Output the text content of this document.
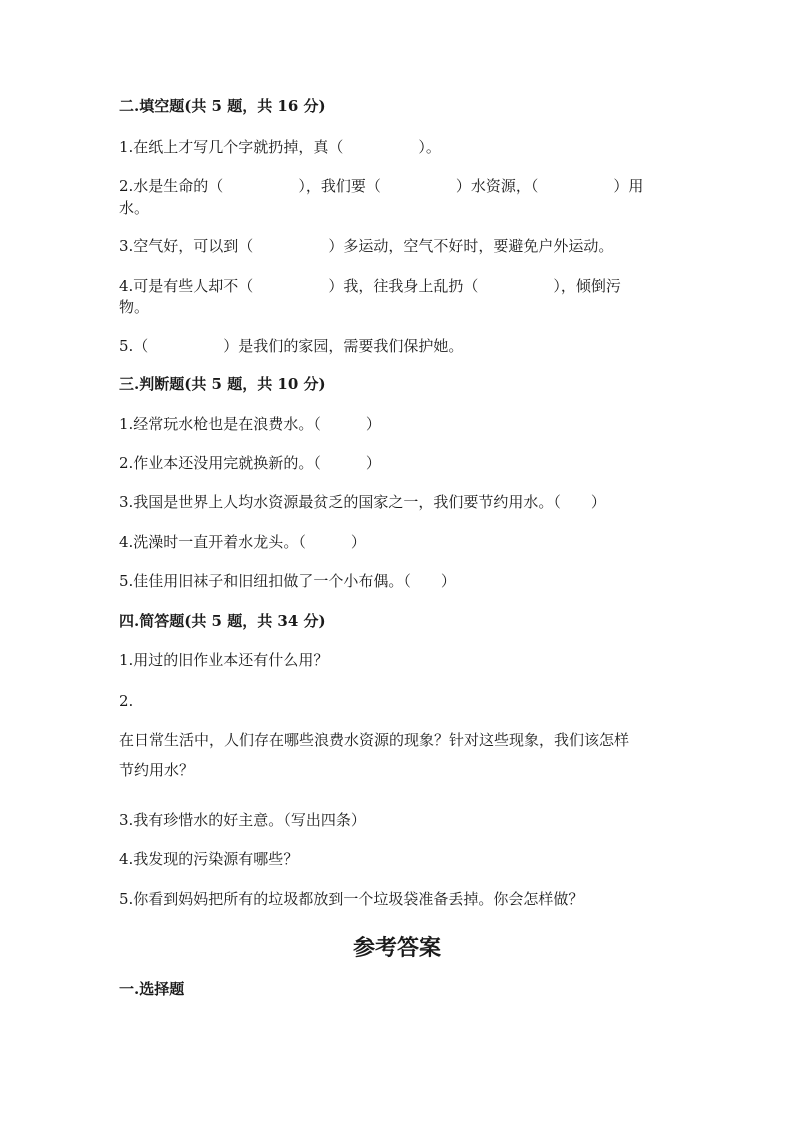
二.填空题(共 5 题，共 16 分)
1.在纸上才写几个字就扔掉，真（　　　　　）。
2.水是生命的（　　　　　），我们要（　　　　　）水资源，（　　　　　）用
水。
3.空气好，可以到（　　　　　）多运动，空气不好时，要避免户外运动。
4.可是有些人却不（　　　　　）我，往我身上乱扔（　　　　　），倾倒污
物。
5.（　　　　　）是我们的家园，需要我们保护她。
三.判断题(共 5 题，共 10 分)
1.经常玩水枪也是在浪费水。（　　　）
2.作业本还没用完就换新的。（　　　）
3.我国是世界上人均水资源最贫乏的国家之一，我们要节约用水。（　　）
4.洗澡时一直开着水龙头。（　　　）
5.佳佳用旧袜子和旧纽扣做了一个小布偶。（　　）
四.简答题(共 5 题，共 34 分)
1.用过的旧作业本还有什么用？
2.
在日常生活中，人们存在哪些浪费水资源的现象？针对这些现象，我们该怎样
节约用水？
3.我有珍惜水的好主意。（写出四条）
4.我发现的污染源有哪些？
5.你看到妈妈把所有的垃圾都放到一个垃圾袋准备丢掉。你会怎样做？
参考答案
一.选择题
